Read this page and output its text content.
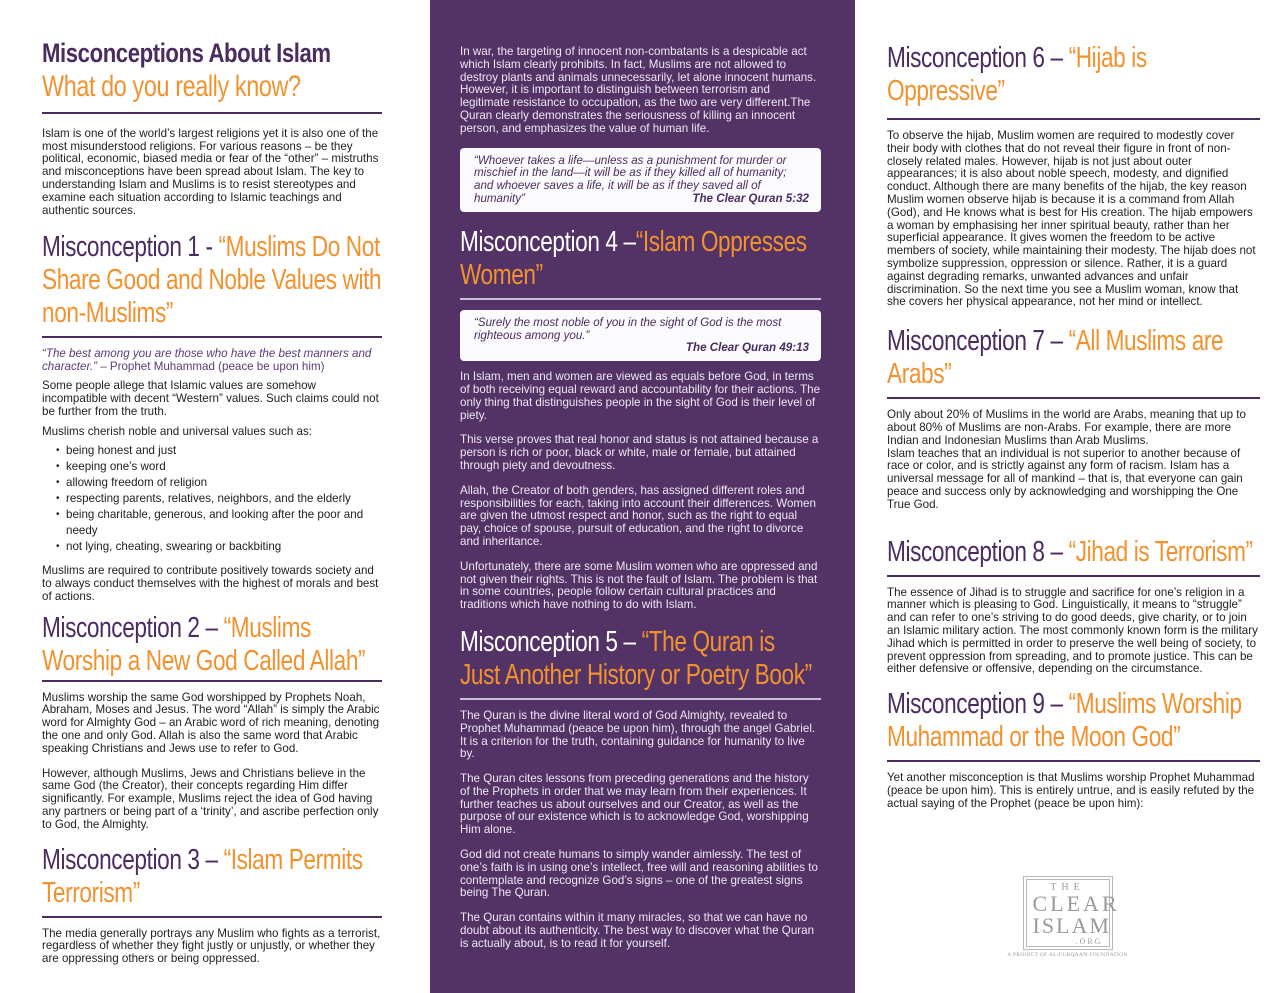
Misconceptions About Islam
What do you really know?

Islam is one of the world’s largest religions yet it is also one of the most misunderstood religions. For various reasons – be they political, economic, biased media or fear of the “other” – mistruths and misconceptions have been spread about Islam. The key to understanding Islam and Muslims is to resist stereotypes and examine each situation according to Islamic teachings and authentic sources.

Misconception 1 - “Muslims Do Not Share Good and Noble Values with non-Muslims”
“The best among you are those who have the best manners and character.” – Prophet Muhammad (peace be upon him)

Some people allege that Islamic values are somehow incompatible with decent “Western” values. Such claims could not be further from the truth.

Muslims cherish noble and universal values such as:

• being honest and just
• keeping one’s word
• allowing freedom of religion
• respecting parents, relatives, neighbors, and the elderly
• being charitable, generous, and looking after the poor and needy
• not lying, cheating, swearing or backbiting

Muslims are required to contribute positively towards society and to always conduct themselves with the highest of morals and best of actions.

Misconception 2 – “Muslims Worship a New God Called Allah”

Muslims worship the same God worshipped by Prophets Noah, Abraham, Moses and Jesus. The word “Allah” is simply the Arabic word for Almighty God – an Arabic word of rich meaning, denoting the one and only God. Allah is also the same word that Arabic speaking Christians and Jews use to refer to God.

However, although Muslims, Jews and Christians believe in the same God (the Creator), their concepts regarding Him differ significantly. For example, Muslims reject the idea of God having any partners or being part of a ‘trinity’, and ascribe perfection only to God, the Almighty.

Misconception 3 – “Islam Permits Terrorism”

The media generally portrays any Muslim who fights as a terrorist, regardless of whether they fight justly or unjustly, or whether they are oppressing others or being oppressed.

In war, the targeting of innocent non-combatants is a despicable act which Islam clearly prohibits. In fact, Muslims are not allowed to destroy plants and animals unnecessarily, let alone innocent humans. However, it is important to distinguish between terrorism and legitimate resistance to occupation, as the two are very different.The Quran clearly demonstrates the seriousness of killing an innocent person, and emphasizes the value of human life.

“Whoever takes a life—unless as a punishment for murder or mischief in the land—it will be as if they killed all of humanity; and whoever saves a life, it will be as if they saved all of humanity”	The Clear Quran 5:32
Misconception 4 –“Islam Oppresses Women”
“Surely the most noble of you in the sight of God is the most righteous among you.”
The Clear Quran 49:13

In Islam, men and women are viewed as equals before God, in terms of both receiving equal reward and accountability for their actions. The only thing that distinguishes people in the sight of God is their level of piety.

This verse proves that real honor and status is not attained because a person is rich or poor, black or white, male or female, but attained through piety and devoutness.

Allah, the Creator of both genders, has assigned different roles and responsibilities for each, taking into account their differences. Women are given the utmost respect and honor, such as the right to equal pay, choice of spouse, pursuit of education, and the right to divorce and inheritance.

Unfortunately, there are some Muslim women who are oppressed and not given their rights. This is not the fault of Islam. The problem is that in some countries, people follow certain cultural practices and traditions which have nothing to do with Islam.

Misconception 5 – “The Quran is Just Another History or Poetry Book”

The Quran is the divine literal word of God Almighty, revealed to Prophet Muhammad (peace be upon him), through the angel Gabriel. It is a criterion for the truth, containing guidance for humanity to live by.

The Quran cites lessons from preceding generations and the history of the Prophets in order that we may learn from their experiences. It further teaches us about ourselves and our Creator, as well as the purpose of our existence which is to acknowledge God, worshipping Him alone.

God did not create humans to simply wander aimlessly. The test of one’s faith is in using one’s intellect, free will and reasoning abilities to contemplate and recognize God’s signs – one of the greatest signs being The Quran.

The Quran contains within it many miracles, so that we can have no doubt about its authenticity. The best way to discover what the Quran is actually about, is to read it for yourself.

Misconception 6 – “Hijab is Oppressive”

To observe the hijab, Muslim women are required to modestly cover their body with clothes that do not reveal their figure in front of non-closely related males. However, hijab is not just about outer appearances; it is also about noble speech, modesty, and dignified conduct. Although there are many benefits of the hijab, the key reason Muslim women observe hijab is because it is a command from Allah (God), and He knows what is best for His creation. The hijab empowers a woman by emphasising her inner spiritual beauty, rather than her superficial appearance. It gives women the freedom to be active members of society, while maintaining their modesty. The hijab does not symbolize suppression, oppression or silence. Rather, it is a guard against degrading remarks, unwanted advances and unfair discrimination. So the next time you see a Muslim woman, know that she covers her physical appearance, not her mind or intellect.

Misconception 7 – “All Muslims are Arabs”

Only about 20% of Muslims in the world are Arabs, meaning that up to about 80% of Muslims are non-Arabs. For example, there are more Indian and Indonesian Muslims than Arab Muslims.

Islam teaches that an individual is not superior to another because of race or color, and is strictly against any form of racism. Islam has a universal message for all of mankind – that is, that everyone can gain peace and success only by acknowledging and worshipping the One True God.

Misconception 8 – “Jihad is Terrorism”

The essence of Jihad is to struggle and sacrifice for one’s religion in a manner which is pleasing to God. Linguistically, it means to “struggle” and can refer to one’s striving to do good deeds, give charity, or to join an Islamic military action. The most commonly known form is the military Jihad which is permitted in order to preserve the well being of society, to prevent oppression from spreading, and to promote justice. This can be either defensive or offensive, depending on the circumstance.

Misconception 9 – “Muslims Worship Muhammad or the Moon God”

Yet another misconception is that Muslims worship Prophet Muhammad (peace be upon him). This is entirely untrue, and is easily refuted by the actual saying of the Prophet (peace be upon him):

THE
CLEAR
ISLAM
.ORG
A PROJECT OF AL-FURQAAN FOUNDATION
